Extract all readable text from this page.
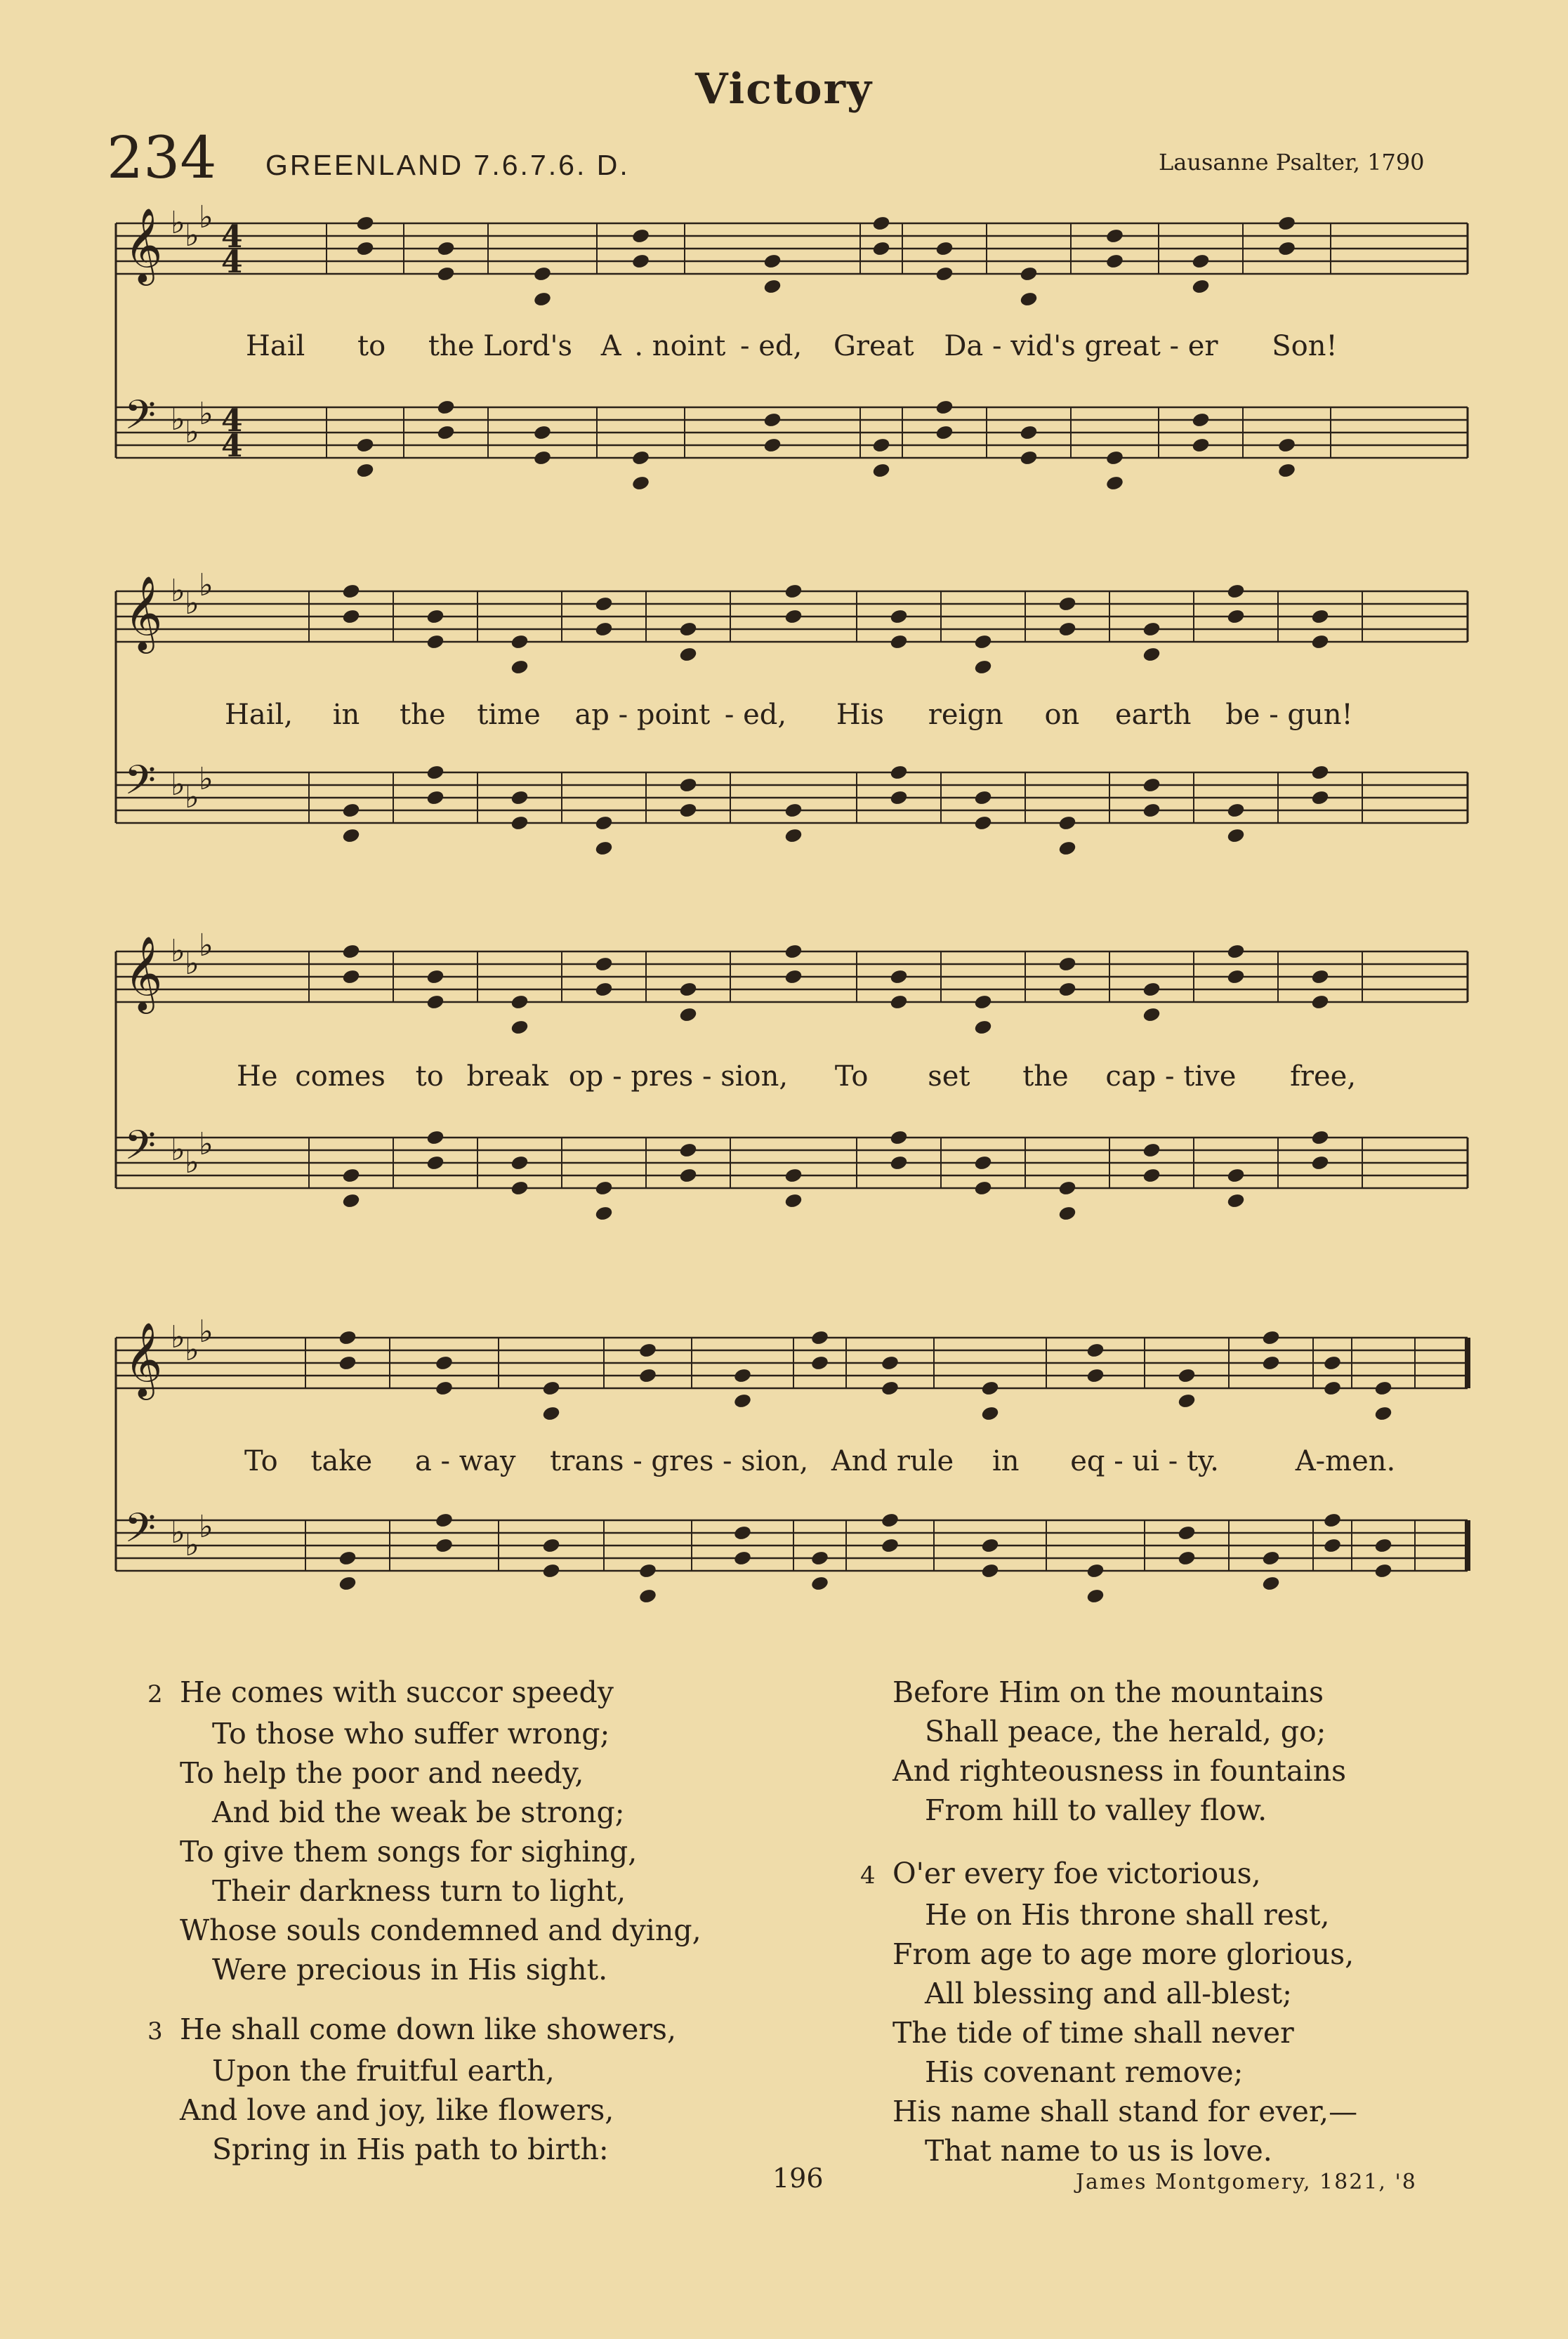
Victory
234 GREENLAND 7.6.7.6. D.	Lausanne Psalter, 1790
𝄞 ♭ ♭
♭
4
4
𝄢 ♭ ♭
♭ 4
4
𝄞 ♭ ♭
♭
𝄢 ♭ ♭
♭
𝄞 ♭ ♭
♭
𝄢 ♭ ♭
♭
𝄞 ♭ ♭
♭
𝄢 ♭ ♭
♭
Hail to the Lord's A . noint - ed, Great Da - vid's great - er Son!
Hail, in the time ap - point - ed, His reign on earth be - gun!
He comes to break op - pres - sion, To set the cap - tive free,
To take a - way trans - gres - sion, And rule in eq - ui - ty.	A-men.
2 He comes with succor speedy
To those who suffer wrong;
To help the poor and needy,
And bid the weak be strong;
To give them songs for sighing,
Their darkness turn to light,
Whose souls condemned and dying,
Were precious in His sight.
3 He shall come down like showers,
Upon the fruitful earth,
And love and joy, like flowers,
Spring in His path to birth:
Before Him on the mountains
Shall peace, the herald, go;
And righteousness in fountains
From hill to valley flow.
4 O'er every foe victorious,
He on His throne shall rest,
From age to age more glorious,
All blessing and all-blest;
The tide of time shall never
His covenant remove;
His name shall stand for ever,—
That name to us is love.
196	James Montgomery, 1821, '8
